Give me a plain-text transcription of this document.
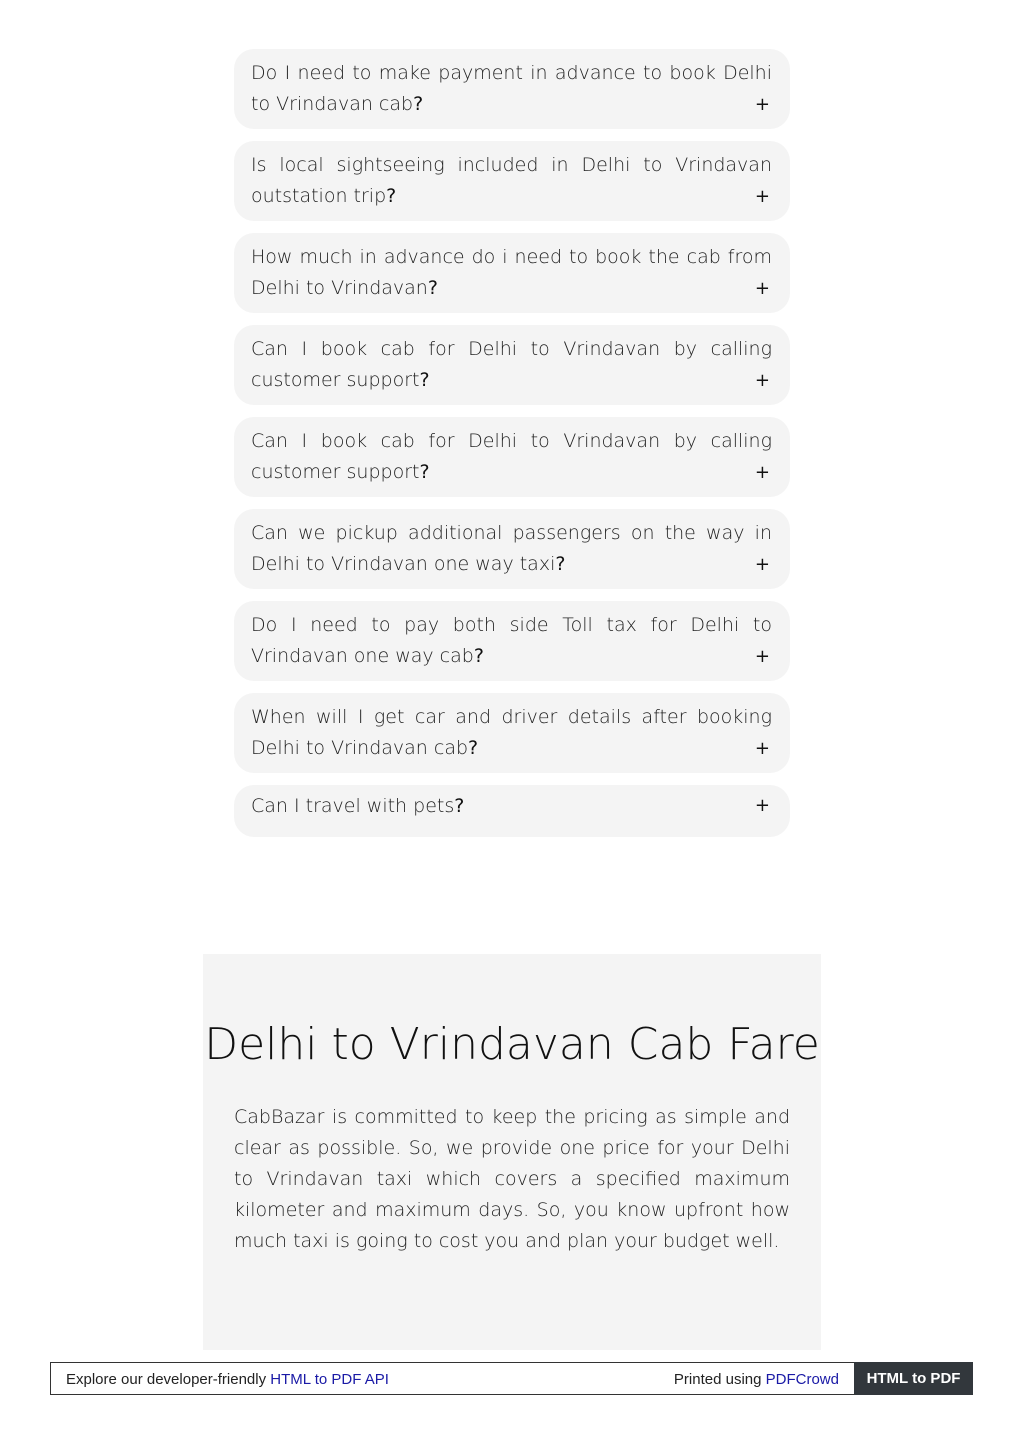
Do I need to make payment in advance to book Delhi to Vrindavan cab?	+
Is local sightseeing included in Delhi to Vrindavan outstation trip?	+
How much in advance do i need to book the cab from Delhi to Vrindavan?	+
Can I book cab for Delhi to Vrindavan by calling customer support?	+
Can I book cab for Delhi to Vrindavan by calling customer support?	+
Can we pickup additional passengers on the way in Delhi to Vrindavan one way taxi?	+
Do I need to pay both side Toll tax for Delhi to Vrindavan one way cab?	+
When will I get car and driver details after booking Delhi to Vrindavan cab?	+
Can I travel with pets?	+
Delhi to Vrindavan Cab Fare

CabBazar is committed to keep the pricing as simple and clear as possible. So, we provide one price for your Delhi to Vrindavan taxi which covers a specified maximum kilometer and maximum days. So, you know upfront how much taxi is going to cost you and plan your budget well.

Explore our developer-friendly HTML to PDF API	Printed using PDFCrowd	HTML to PDF
